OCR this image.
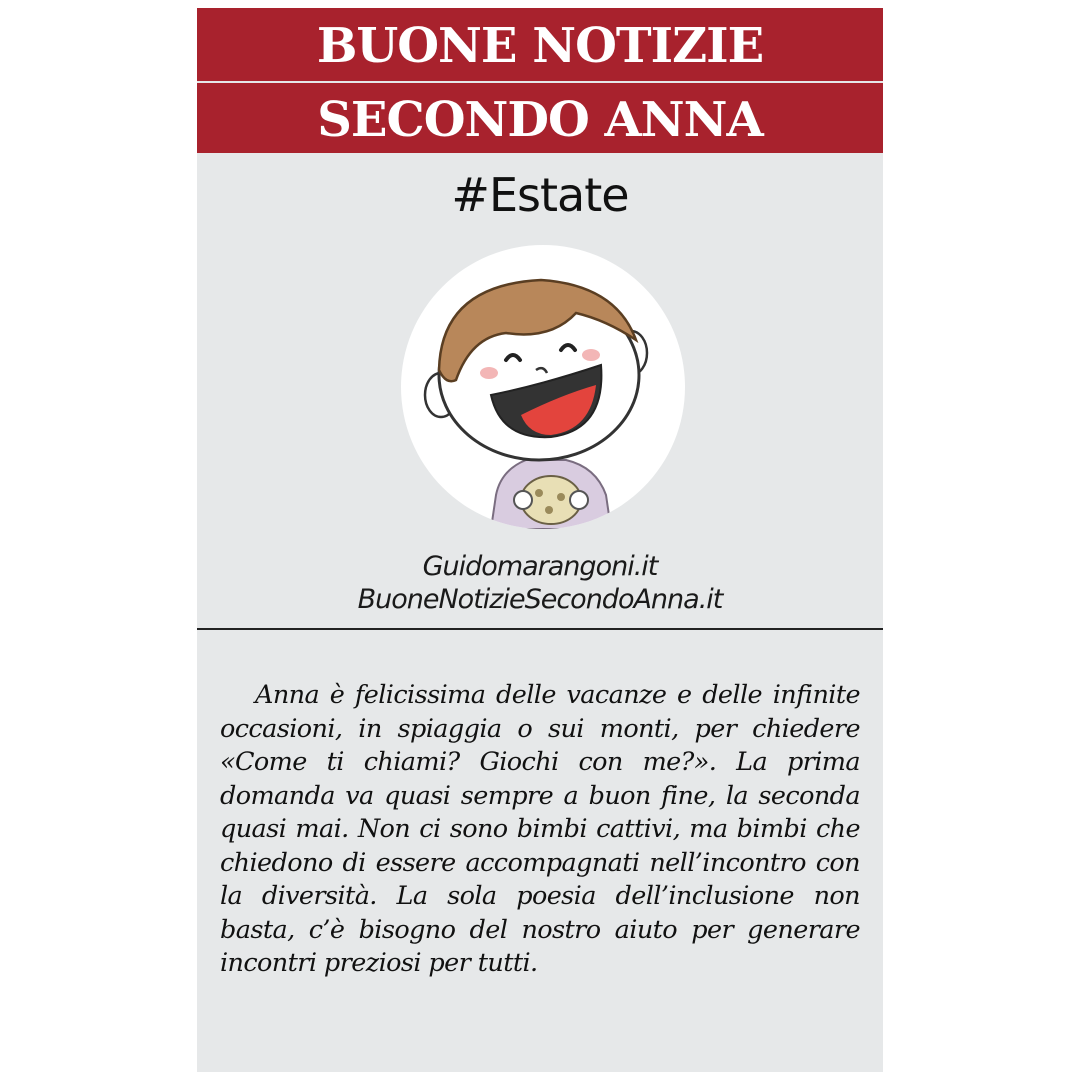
BUONE NOTIZIE
SECONDO ANNA
#Estate
Guidomarangoni.it
BuoneNotizieSecondoAnna.it

Anna è felicissima delle vacanze e delle infinite occasioni, in spiaggia o sui monti, per chiedere «Come ti chiami? Giochi con me?». La prima domanda va quasi sempre a buon fine, la seconda quasi mai. Non ci sono bimbi cattivi, ma bimbi che chiedono di essere accompagnati nell’incontro con la diversità. La sola poesia dell’inclusione non basta, c’è bisogno del nostro aiuto per generare incontri preziosi per tutti.
